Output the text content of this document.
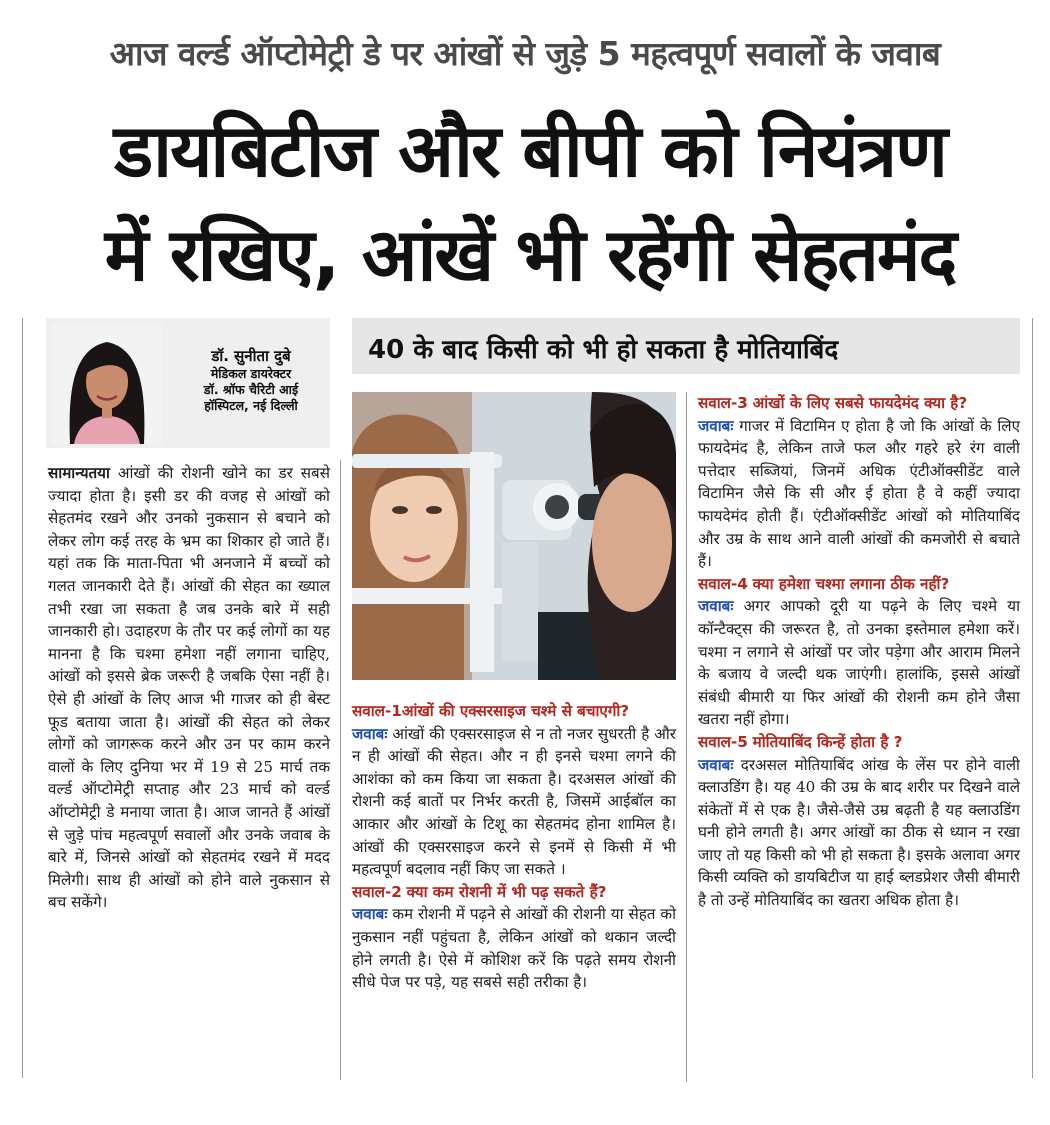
आज वर्ल्ड ऑप्टोमेट्री डे पर आंखों से जुड़े 5 महत्वपूर्ण सवालों के जवाब
डायबिटीज और बीपी को नियंत्रण
में रखिए, आंखें भी रहेंगी सेहतमंद
डॉ. सुनीता दुबे
मेडिकल डायरेक्टर
डॉ. श्रॉफ चैरिटी आई
हॉस्पिटल, नई दिल्ली
40 के बाद किसी को भी हो सकता है मोतियाबिंद

सामान्यतया आंखों की रोशनी खोने का डर सबसे ज्यादा होता है। इसी डर की वजह से आंखों को सेहतमंद रखने और उनको नुकसान से बचाने को लेकर लोग कई तरह के भ्रम का शिकार हो जाते हैं। यहां तक कि माता-पिता भी अनजाने में बच्चों को गलत जानकारी देते हैं। आंखों की सेहत का ख्याल तभी रखा जा सकता है जब उनके बारे में सही जानकारी हो। उदाहरण के तौर पर कई लोगों का यह मानना है कि चश्मा हमेशा नहीं लगाना चाहिए, आंखों को इससे ब्रेक जरूरी है जबकि ऐसा नहीं है। ऐसे ही आंखों के लिए आज भी गाजर को ही बेस्ट फूड बताया जाता है। आंखों की सेहत को लेकर लोगों को जागरूक करने और उन पर काम करने वालों के लिए दुनिया भर में 19 से 25 मार्च तक वर्ल्ड ऑप्टोमेट्री सप्ताह और 23 मार्च को वर्ल्ड ऑप्टोमेट्री डे मनाया जाता है। आज जानते हैं आंखों से जुड़े पांच महत्वपूर्ण सवालों और उनके जवाब के बारे में, जिनसे आंखों को सेहतमंद रखने में मदद मिलेगी। साथ ही आंखों को होने वाले नुकसान से बच सकेंगे।

सवाल-1आंखों की एक्सरसाइज चश्मे से बचाएगी?
जवाबः आंखों की एक्सरसाइज से न तो नजर सुधरती है और न ही आंखों की सेहत। और न ही इनसे चश्मा लगने की आशंका को कम किया जा सकता है। दरअसल आंखों की रोशनी कई बातों पर निर्भर करती है, जिसमें आईबॉल का आकार और आंखों के टिशू का सेहतमंद होना शामिल है। आंखों की एक्सरसाइज करने से इनमें से किसी में भी महत्वपूर्ण बदलाव नहीं किए जा सकते ।

सवाल-2 क्या कम रोशनी में भी पढ़ सकते हैं?
जवाबः कम रोशनी में पढ़ने से आंखों की रोशनी या सेहत को नुकसान नहीं पहुंचता है, लेकिन आंखों को थकान जल्दी होने लगती है। ऐसे में कोशिश करें कि पढ़ते समय रोशनी सीधे पेज पर पड़े, यह सबसे सही तरीका है।

सवाल-3 आंखों के लिए सबसे फायदेमंद क्या है?
जवाबः गाजर में विटामिन ए होता है जो कि आंखों के लिए फायदेमंद है, लेकिन ताजे फल और गहरे हरे रंग वाली पत्तेदार सब्जियां, जिनमें अधिक एंटीऑक्सीडेंट वाले विटामिन जैसे कि सी और ई होता है वे कहीं ज्यादा फायदेमंद होती हैं। एंटीऑक्सीडेंट आंखों को मोतियाबिंद और उम्र के साथ आने वाली आंखों की कमजोरी से बचाते हैं।

सवाल-4 क्या हमेशा चश्मा लगाना ठीक नहीं?
जवाबः अगर आपको दूरी या पढ़ने के लिए चश्मे या कॉन्टैक्ट्स की जरूरत है, तो उनका इस्तेमाल हमेशा करें। चश्मा न लगाने से आंखों पर जोर पड़ेगा और आराम मिलने के बजाय वे जल्दी थक जाएंगी। हालांकि, इससे आंखों संबंधी बीमारी या फिर आंखों की रोशनी कम होने जैसा खतरा नहीं होगा।

सवाल-5 मोतियाबिंद किन्हें होता है ?
जवाबः दरअसल मोतियाबिंद आंख के लेंस पर होने वाली क्लाउडिंग है। यह 40 की उम्र के बाद शरीर पर दिखने वाले संकेतों में से एक है। जैसे-जैसे उम्र बढ़ती है यह क्लाउडिंग घनी होने लगती है। अगर आंखों का ठीक से ध्यान न रखा जाए तो यह किसी को भी हो सकता है। इसके अलावा अगर किसी व्यक्ति को डायबिटीज या हाई ब्लडप्रेशर जैसी बीमारी है तो उन्हें मोतियाबिंद का खतरा अधिक होता है।
